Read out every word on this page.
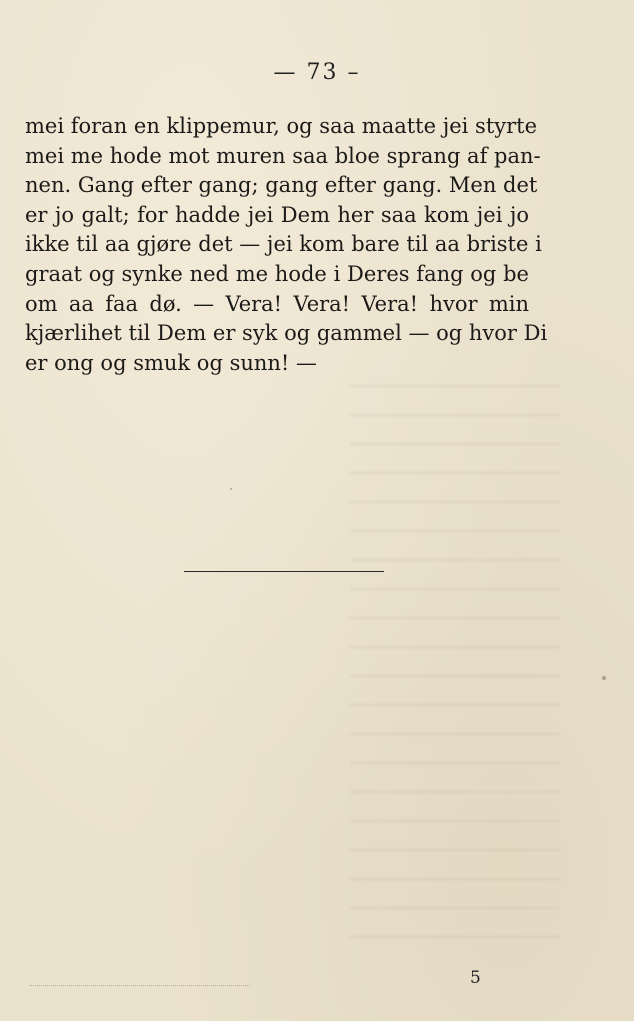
— 73 –

mei foran en klippemur, og saa maatte jei styrte
mei me hode mot muren saa bloe sprang af pan-
nen. Gang efter gang; gang efter gang. Men det
er jo galt; for hadde jei Dem her saa kom jei jo
ikke til aa gjøre det — jei kom bare til aa briste i
graat og synke ned me hode i Deres fang og be
om aa faa dø. — Vera! Vera! Vera! hvor min
kjærlihet til Dem er syk og gammel — og hvor Di
er ong og smuk og sunn! —

5
